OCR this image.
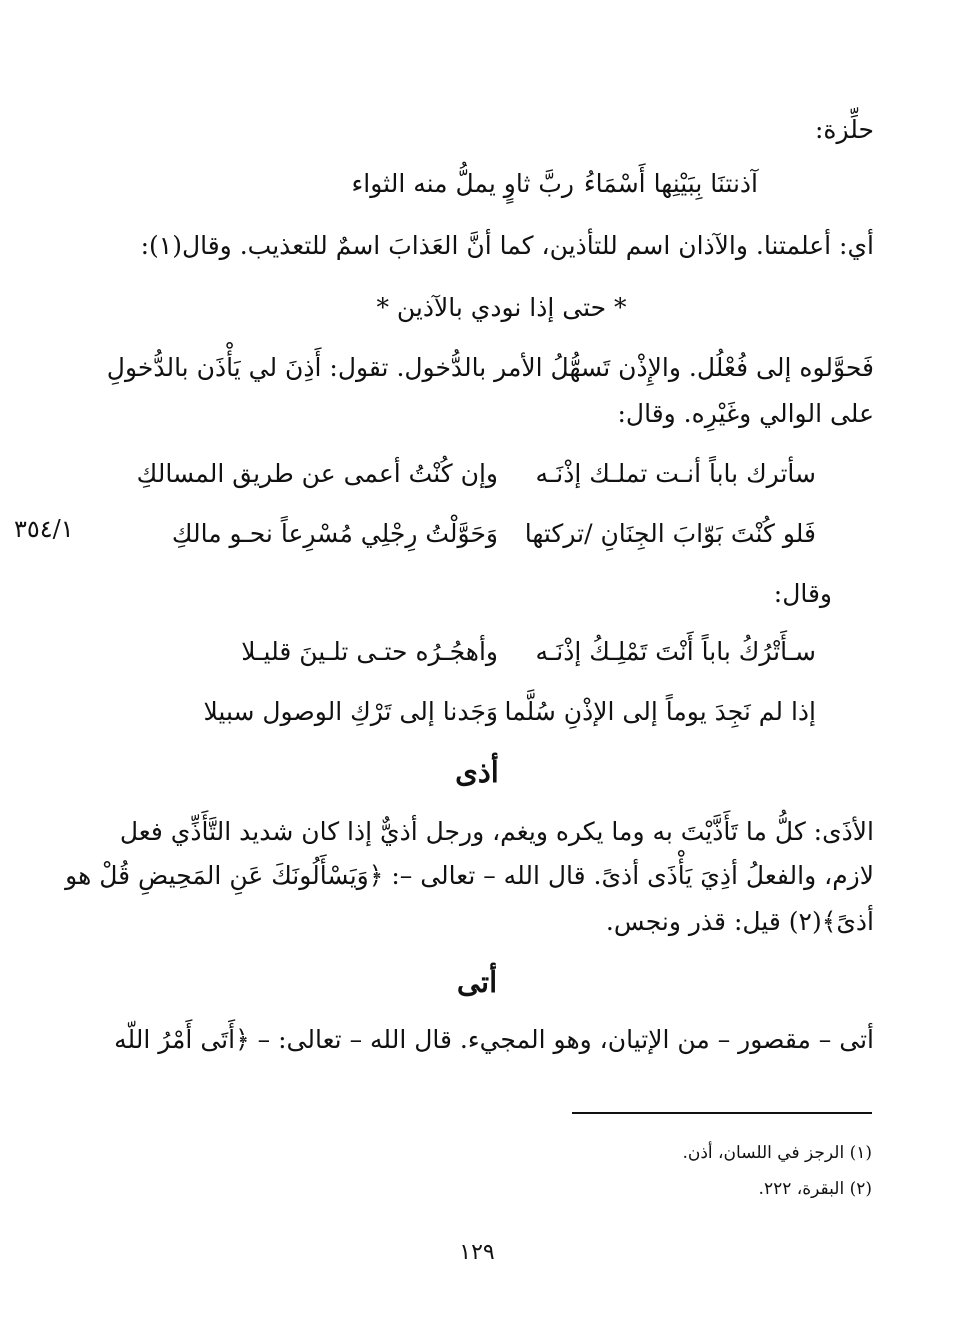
حلِّزة:
آذنتنَا بِبَيْنِها أَسْمَاءُ
ربَّ ثاوٍ يملُّ منه الثواء
أي: أعلمتنا. والآذان اسم للتأذين، كما أنَّ العَذابَ اسمٌ للتعذيب. وقال(١):
* حتى إذا نودي بالآذين *
فَحوَّلوه إلى فُعْلُل. والإِذْن تَسهُّلُ الأمر بالدُّخول. تقول: أَذِنَ لي يَأْذَن بالدُّخولِ
على الوالي وغَيْرِه. وقال:
سأترك باباً أنـت تملـك إذْنَـه
وإن كُنْتُ أعمى عن طريق المسالكِ
فَلو كُنْتَ بَوّابَ الجِنَانِ /تركتها
وَحَوَّلْتُ رِجْلِي مُسْرِعاً نحـو مالكِ
٣٥٤/١
وقال:
سـأَتْرُكُ باباً أَنْتَ تَمْلِـكُ إذْنَـه
وأهجُـرُه حتـى تلـينَ قليـلا
إذا لم نَجِدَ يوماً إلى الإذْنِ سُلَّما
وَجَدنا إلى تَرْكِ الوصول سبيلا
أذى
الأذَى: كلُّ ما تَأَذَّيْتَ به وما يكره ويغم، ورجل أذيٌّ إذا كان شديد التَّأَذِّي فعل
لازم، والفعلُ أذِيَ يَأْذَى أذىً. قال الله – تعالى –: ﴿وَيَسْأَلُونَكَ عَنِ المَحِيضِ قُلْ هو
أذىً﴾(٢) قيل: قذر ونجس.
أتى
أتى – مقصور – من الإتيان، وهو المجيء. قال الله – تعالى: – ﴿أَتَى أَمْرُ اللّه
(١) الرجز في اللسان، أذن.
(٢) البقرة، ٢٢٢.
١٢٩
